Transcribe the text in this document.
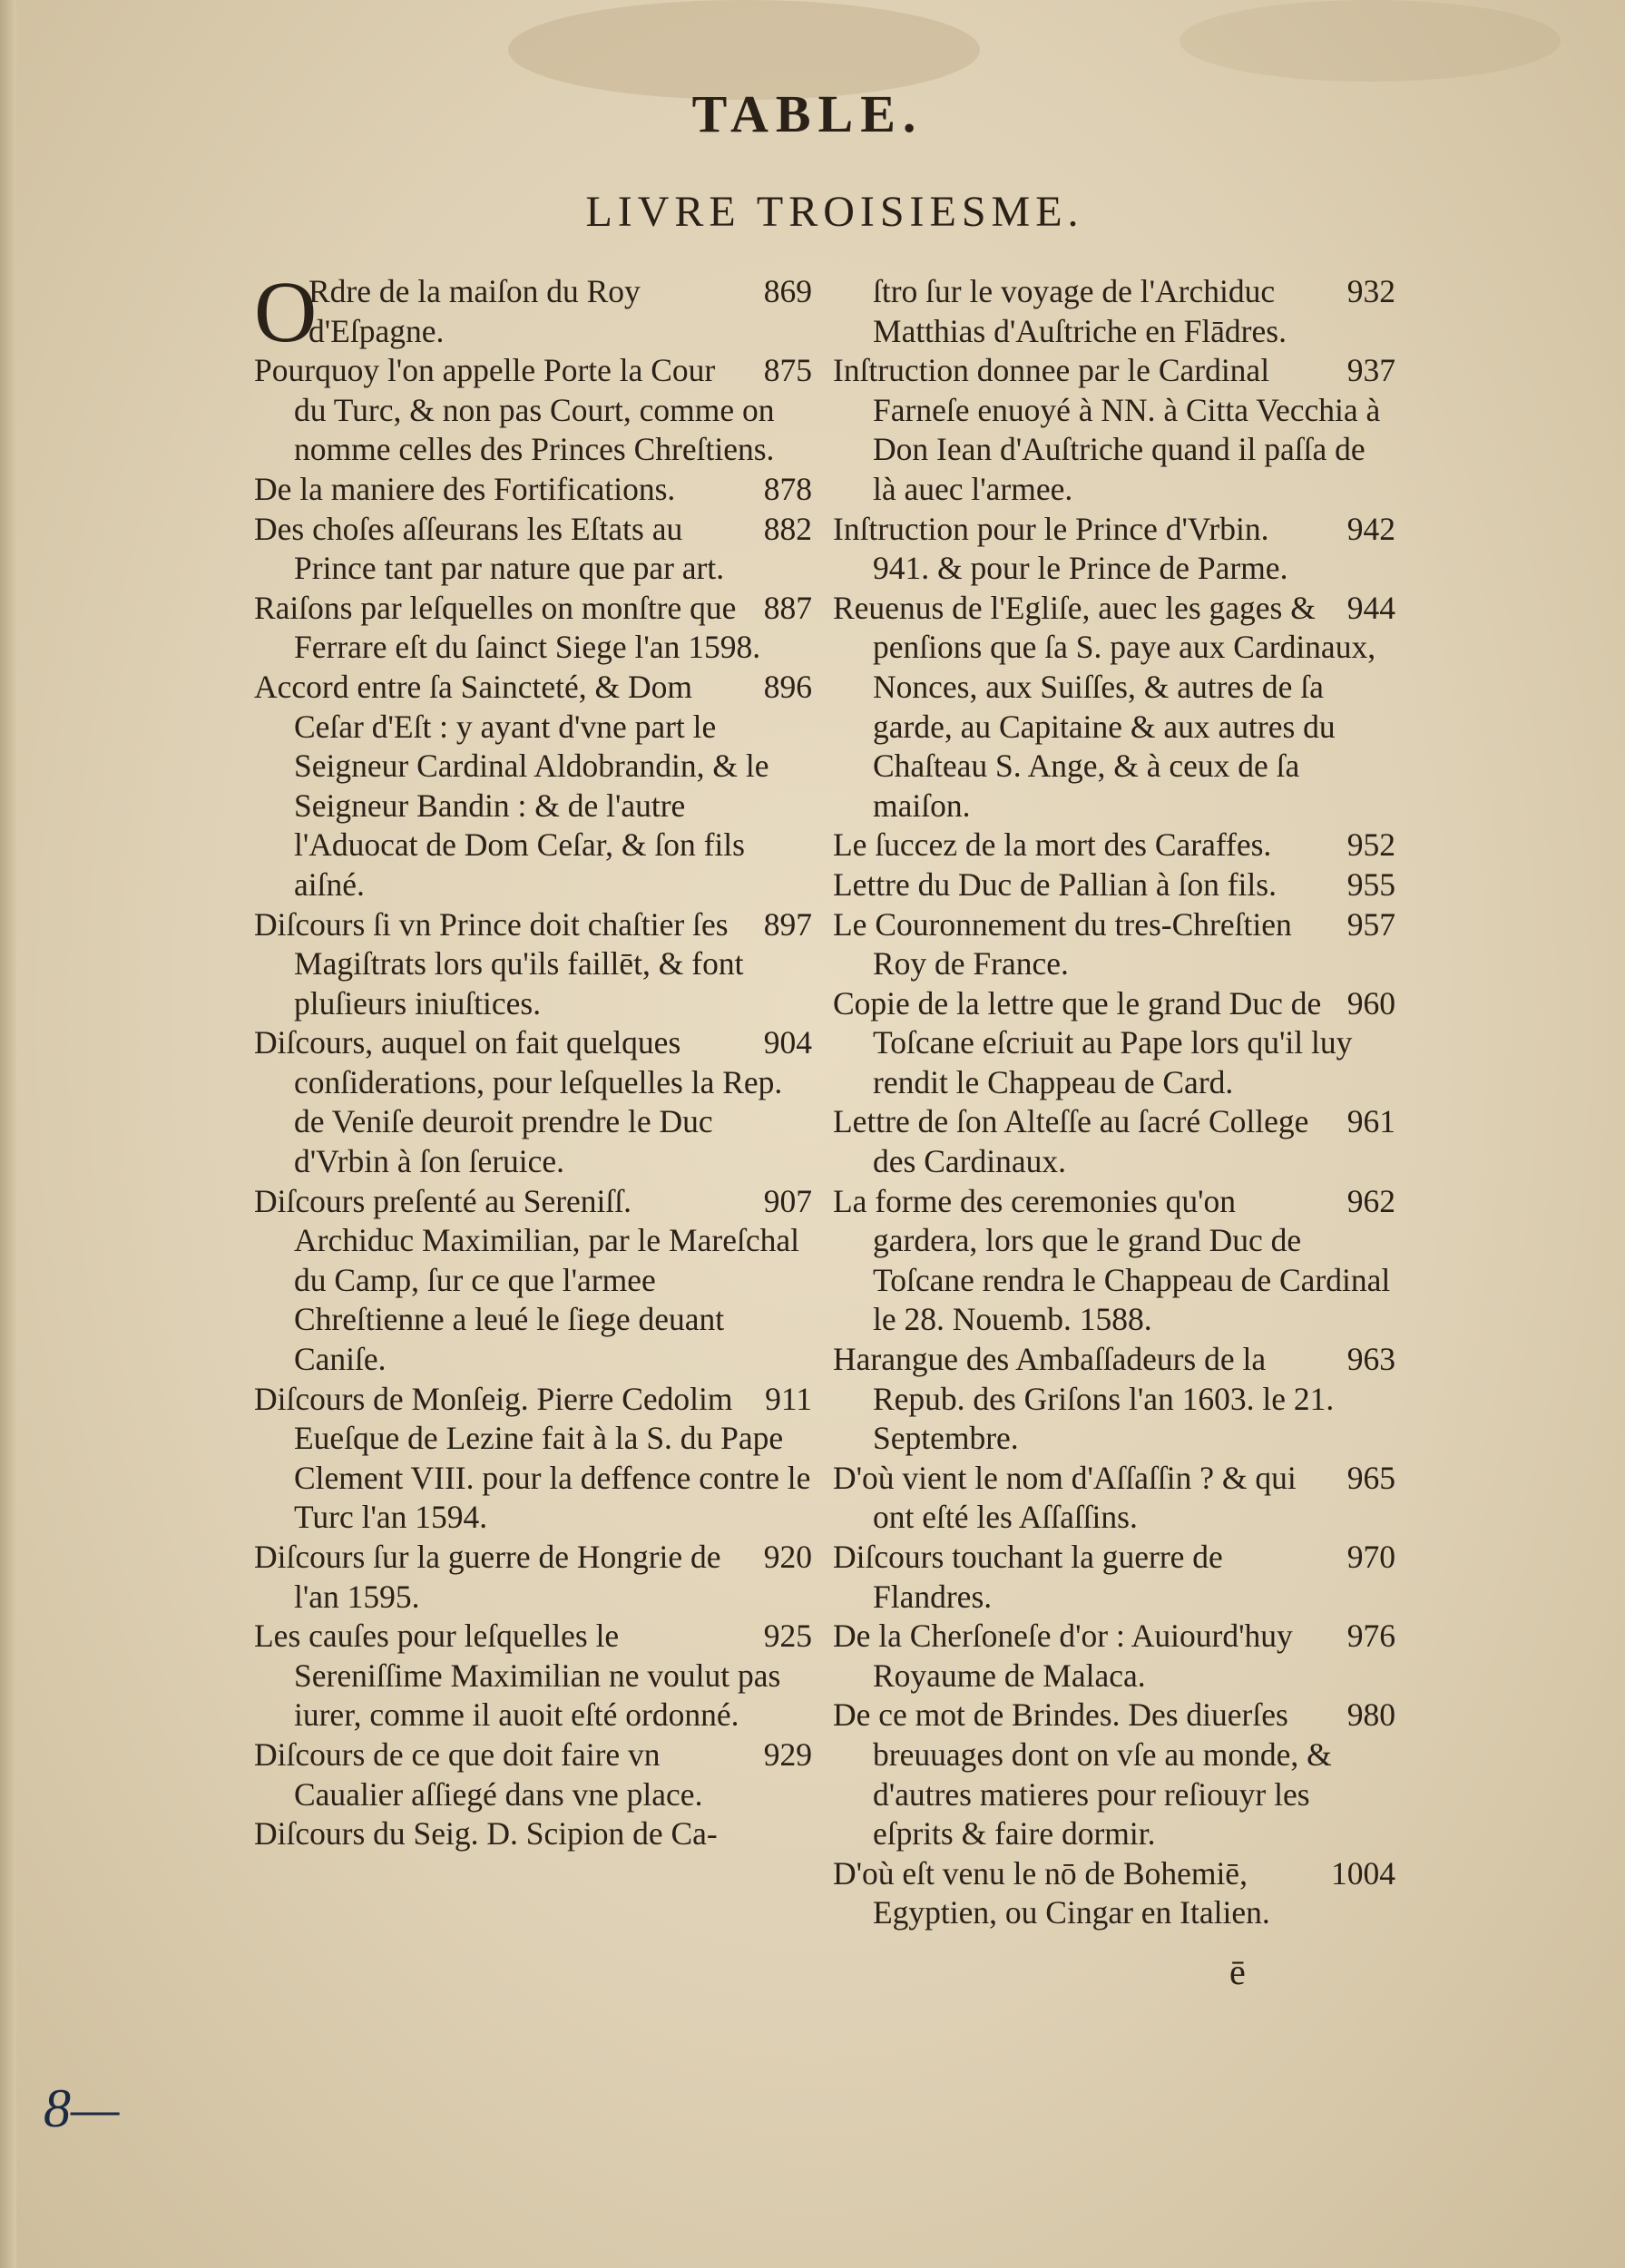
TABLE.
LIVRE TROISIESME.
O	869
Rdre de la maiſon du Roy d'Eſpagne.
875
Pourquoy l'on appelle Porte la Cour du Turc, & non pas Court, comme on nomme celles des Princes Chreſtiens.
878
De la maniere des Fortifications.
882
Des choſes aſſeurans les Eſtats au Prince tant par nature que par art.
887
Raiſons par leſquelles on monſtre que Ferrare eſt du ſainct Siege l'an 1598.
896
Accord entre ſa Saincteté, & Dom Ceſar d'Eſt : y ayant d'vne part le Seigneur Cardinal Aldobrandin, & le Seigneur Bandin : & de l'autre l'Aduocat de Dom Ceſar, & ſon fils aiſné.
897
Diſcours ſi vn Prince doit chaſtier ſes Magiſtrats lors qu'ils faillēt, & font pluſieurs iniuſtices.
904
Diſcours, auquel on fait quelques conſiderations, pour leſquelles la Rep. de Veniſe deuroit prendre le Duc d'Vrbin à ſon ſeruice.
907
Diſcours preſenté au Sereniſſ. Archiduc Maximilian, par le Mareſchal du Camp, ſur ce que l'armee Chreſtienne a leué le ſiege deuant Caniſe.
911
Diſcours de Monſeig. Pierre Cedolim Eueſque de Lezine fait à la S. du Pape Clement VIII. pour la deffence contre le Turc l'an 1594.
920
Diſcours ſur la guerre de Hongrie de l'an 1595.
925
Les cauſes pour leſquelles le Sereniſſime Maximilian ne voulut pas iurer, comme il auoit eſté ordonné.
929
Diſcours de ce que doit faire vn Caualier aſſiegé dans vne place.
Diſcours du Seig. D. Scipion de Ca-
932
ſtro ſur le voyage de l'Archiduc Matthias d'Auſtriche en Flādres.
937
Inſtruction donnee par le Cardinal Farneſe enuoyé à NN. à Citta Vecchia à Don Iean d'Auſtriche quand il paſſa de là auec l'armee.
942
Inſtruction pour le Prince d'Vrbin. 941. & pour le Prince de Parme.
944
Reuenus de l'Egliſe, auec les gages & penſions que ſa S. paye aux Cardinaux, Nonces, aux Suiſſes, & autres de ſa garde, au Capitaine & aux autres du Chaſteau S. Ange, & à ceux de ſa maiſon.
952
Le ſuccez de la mort des Caraffes.
955
Lettre du Duc de Pallian à ſon fils.
957
Le Couronnement du tres-Chreſtien Roy de France.
960
Copie de la lettre que le grand Duc de Toſcane eſcriuit au Pape lors qu'il luy rendit le Chappeau de Card.
961
Lettre de ſon Alteſſe au ſacré College des Cardinaux.
962
La forme des ceremonies qu'on gardera, lors que le grand Duc de Toſcane rendra le Chappeau de Cardinal le 28. Nouemb. 1588.
963
Harangue des Ambaſſadeurs de la Repub. des Griſons l'an 1603. le 21. Septembre.
965
D'où vient le nom d'Aſſaſſin ? & qui ont eſté les Aſſaſſins.
970
Diſcours touchant la guerre de Flandres.
976
De la Cherſoneſe d'or : Auiourd'huy Royaume de Malaca.
980
De ce mot de Brindes. Des diuerſes breuuages dont on vſe au monde, & d'autres matieres pour reſiouyr les eſprits & faire dormir.
1004
D'où eſt venu le nō de Bohemiē, Egyptien, ou Cingar en Italien.
ē
8—
